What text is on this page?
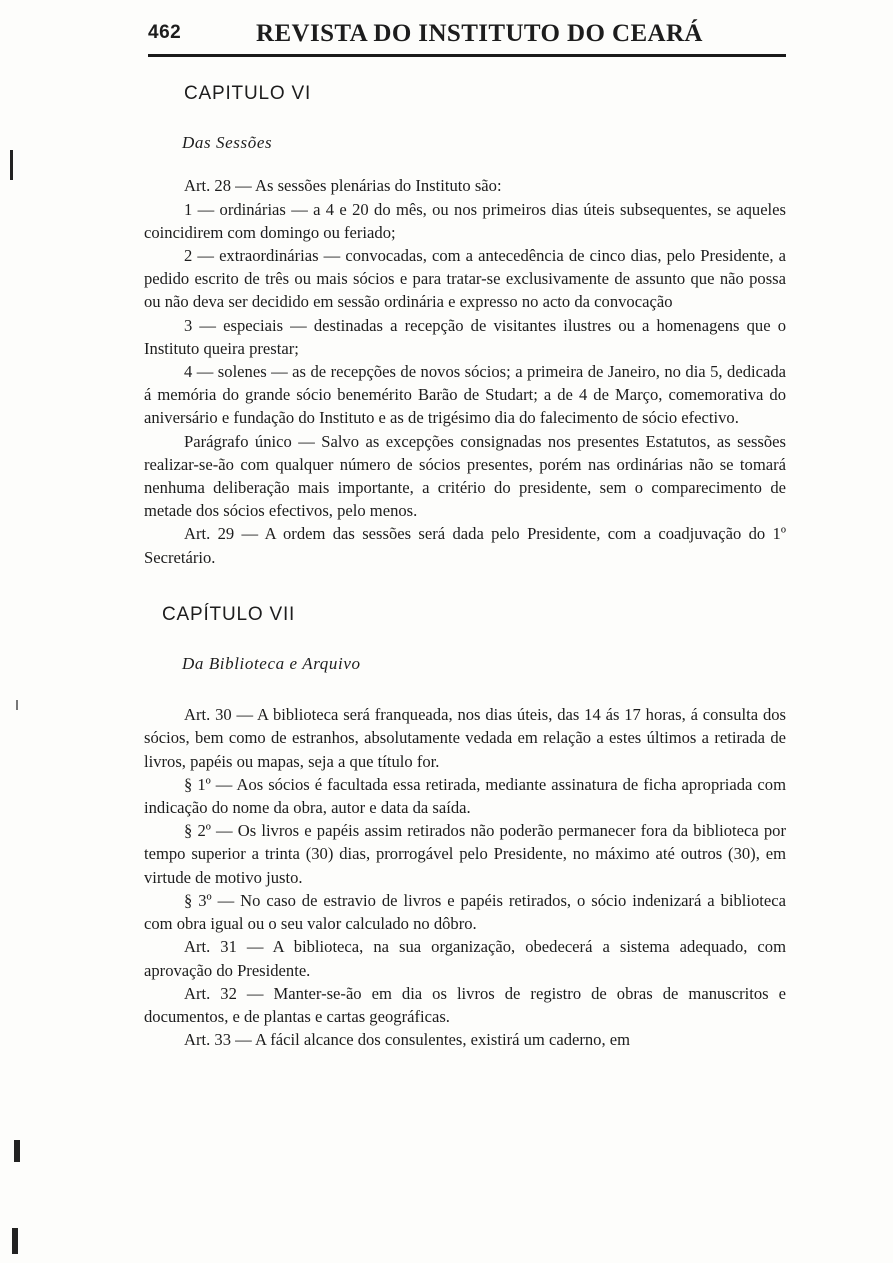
462	REVISTA DO INSTITUTO DO CEARÁ
CAPITULO VI
Das Sessões

Art. 28 — As sessões plenárias do Instituto são:

1 — ordinárias — a 4 e 20 do mês, ou nos primeiros dias úteis subsequentes, se aqueles coincidirem com domingo ou feriado;

2 — extraordinárias — convocadas, com a antecedência de cinco dias, pelo Presidente, a pedido escrito de três ou mais sócios e para tratar-se exclusivamente de assunto que não possa ou não deva ser decidido em sessão ordinária e expresso no acto da convocação

3 — especiais — destinadas a recepção de visitantes ilustres ou a homenagens que o Instituto queira prestar;

4 — solenes — as de recepções de novos sócios; a primeira de Janeiro, no dia 5, dedicada á memória do grande sócio benemérito Barão de Studart; a de 4 de Março, comemorativa do aniversário e fundação do Instituto e as de trigésimo dia do falecimento de sócio efectivo.

Parágrafo único — Salvo as excepções consignadas nos presentes Estatutos, as sessões realizar-se-ão com qualquer número de sócios presentes, porém nas ordinárias não se tomará nenhuma deliberação mais importante, a critério do presidente, sem o comparecimento de metade dos sócios efectivos, pelo menos.

Art. 29 — A ordem das sessões será dada pelo Presidente, com a coadjuvação do 1º Secretário.

CAPÍTULO VII
Da Biblioteca e Arquivo

Art. 30 — A biblioteca será franqueada, nos dias úteis, das 14 ás 17 horas, á consulta dos sócios, bem como de estranhos, absolutamente vedada em relação a estes últimos a retirada de livros, papéis ou mapas, seja a que título for.

§ 1º — Aos sócios é facultada essa retirada, mediante assinatura de ficha apropriada com indicação do nome da obra, autor e data da saída.

§ 2º — Os livros e papéis assim retirados não poderão permanecer fora da biblioteca por tempo superior a trinta (30) dias, prorrogável pelo Presidente, no máximo até outros (30), em virtude de motivo justo.

§ 3º — No caso de estravio de livros e papéis retirados, o sócio indenizará a biblioteca com obra igual ou o seu valor calculado no dôbro.

Art. 31 — A biblioteca, na sua organização, obedecerá a sistema adequado, com aprovação do Presidente.

Art. 32 — Manter-se-ão em dia os livros de registro de obras de manuscritos e documentos, e de plantas e cartas geográficas.

Art. 33 — A fácil alcance dos consulentes, existirá um caderno, em
